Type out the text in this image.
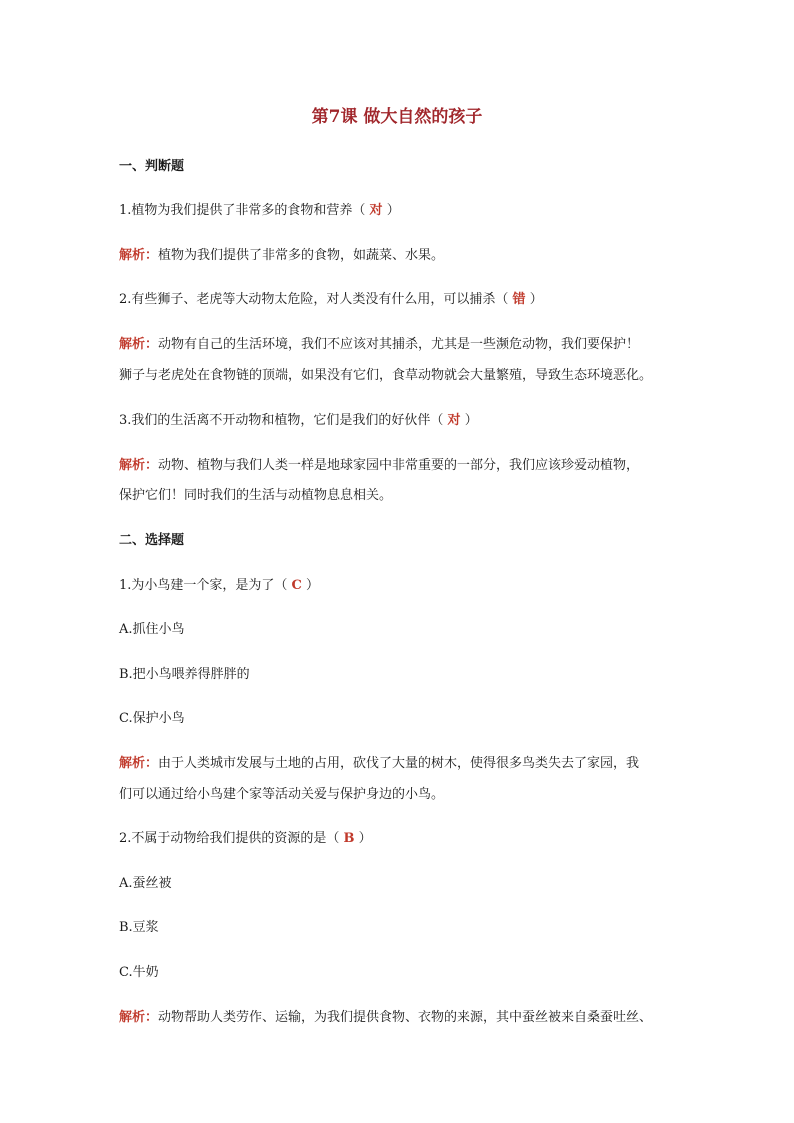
第7课 做大自然的孩子
一、判断题
1.植物为我们提供了非常多的食物和营养（ 对 ）
解析：植物为我们提供了非常多的食物，如蔬菜、水果。
2.有些狮子、老虎等大动物太危险，对人类没有什么用，可以捕杀（ 错 ）
解析：动物有自己的生活环境，我们不应该对其捕杀，尤其是一些濒危动物，我们要保护！
狮子与老虎处在食物链的顶端，如果没有它们，食草动物就会大量繁殖，导致生态环境恶化。
3.我们的生活离不开动物和植物，它们是我们的好伙伴（ 对 ）
解析：动物、植物与我们人类一样是地球家园中非常重要的一部分，我们应该珍爱动植物，
保护它们！同时我们的生活与动植物息息相关。
二、选择题
1.为小鸟建一个家，是为了（ C ）
A.抓住小鸟
B.把小鸟喂养得胖胖的
C.保护小鸟
解析：由于人类城市发展与土地的占用，砍伐了大量的树木，使得很多鸟类失去了家园，我
们可以通过给小鸟建个家等活动关爱与保护身边的小鸟。
2.不属于动物给我们提供的资源的是（ B ）
A.蚕丝被
B.豆浆
C.牛奶
解析：动物帮助人类劳作、运输，为我们提供食物、衣物的来源，其中蚕丝被来自桑蚕吐丝、
